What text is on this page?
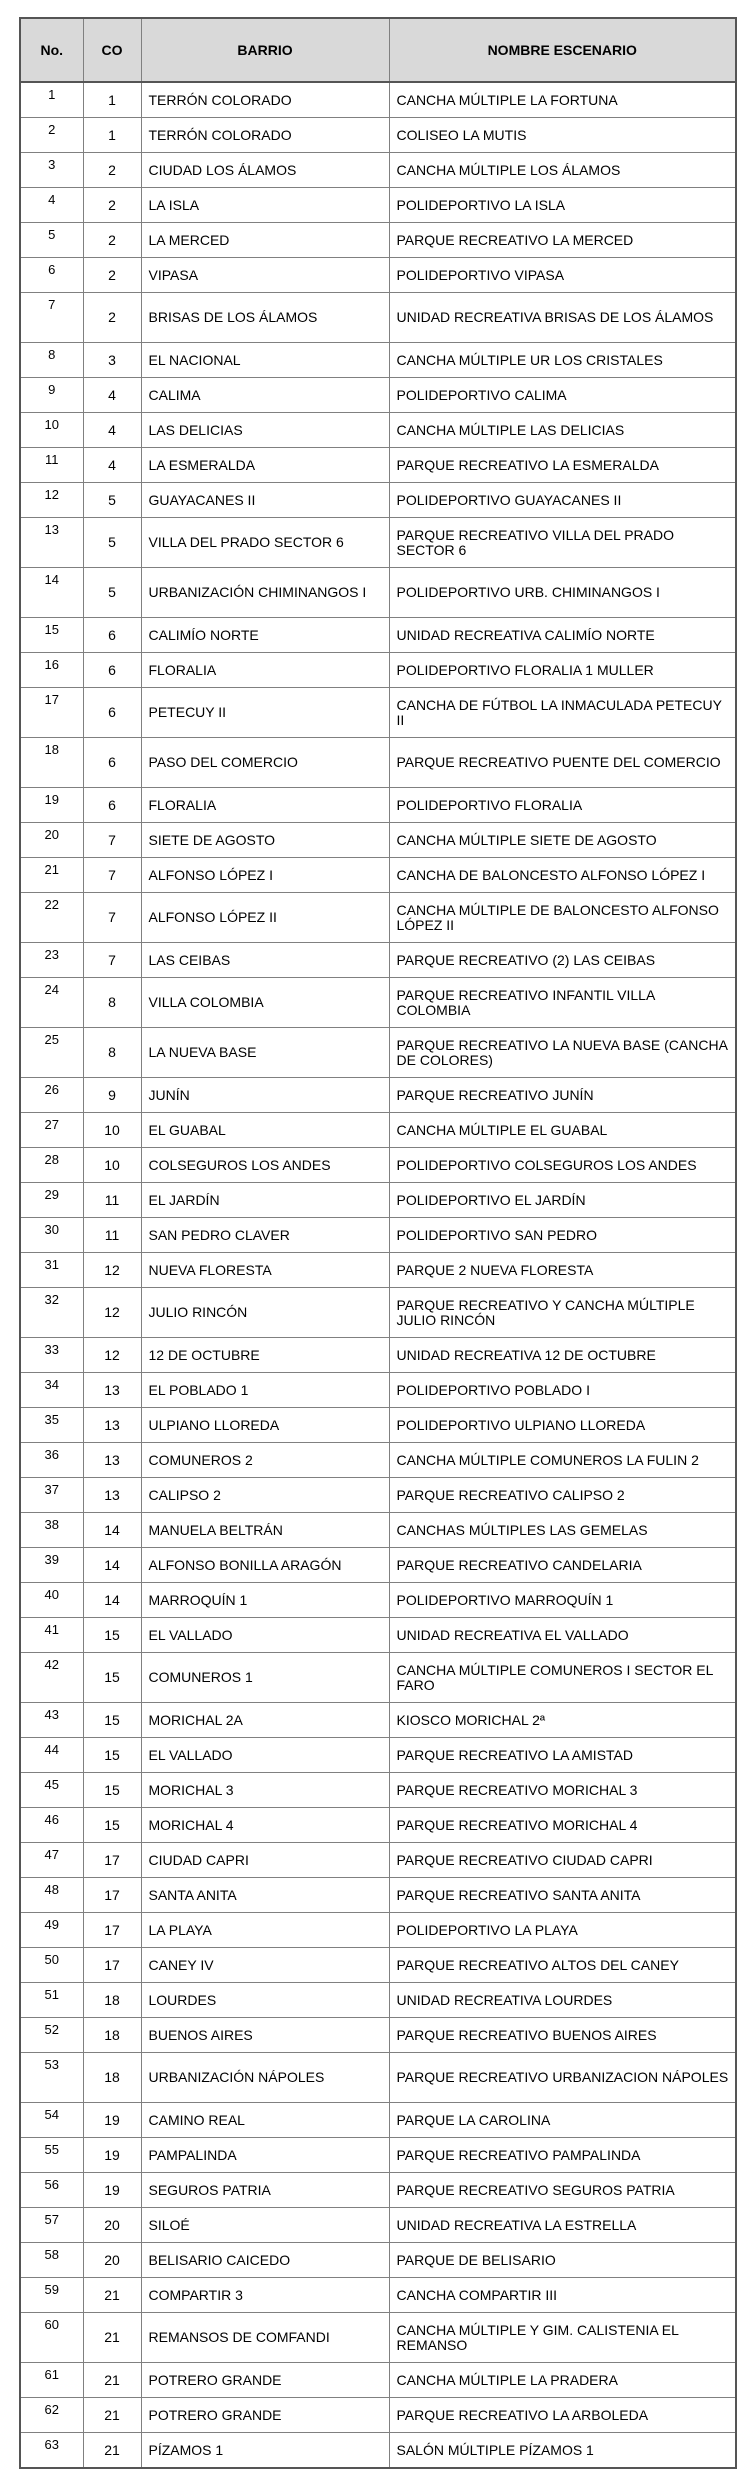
No.	CO	BARRIO	NOMBRE ESCENARIO
1	1	TERRÓN COLORADO	CANCHA MÚLTIPLE LA FORTUNA
2	1	TERRÓN COLORADO	COLISEO LA MUTIS
3	2	CIUDAD LOS ÁLAMOS	CANCHA MÚLTIPLE LOS ÁLAMOS
4	2	LA ISLA	POLIDEPORTIVO LA ISLA
5	2	LA MERCED	PARQUE RECREATIVO LA MERCED
6	2	VIPASA	POLIDEPORTIVO VIPASA
7	2	BRISAS DE LOS ÁLAMOS	UNIDAD RECREATIVA BRISAS DE LOS ÁLAMOS
8	3	EL NACIONAL	CANCHA MÚLTIPLE UR LOS CRISTALES
9	4	CALIMA	POLIDEPORTIVO CALIMA
10	4	LAS DELICIAS	CANCHA MÚLTIPLE LAS DELICIAS
11	4	LA ESMERALDA	PARQUE RECREATIVO LA ESMERALDA
12	5	GUAYACANES II	POLIDEPORTIVO GUAYACANES II
13	5	VILLA DEL PRADO SECTOR 6	PARQUE RECREATIVO VILLA DEL PRADO SECTOR 6
14	5	URBANIZACIÓN CHIMINANGOS I	POLIDEPORTIVO URB. CHIMINANGOS I
15	6	CALIMÍO NORTE	UNIDAD RECREATIVA CALIMÍO NORTE
16	6	FLORALIA	POLIDEPORTIVO FLORALIA 1 MULLER
17	6	PETECUY II	CANCHA DE FÚTBOL LA INMACULADA PETECUY II
18	6	PASO DEL COMERCIO	PARQUE RECREATIVO PUENTE DEL COMERCIO
19	6	FLORALIA	POLIDEPORTIVO FLORALIA
20	7	SIETE DE AGOSTO	CANCHA MÚLTIPLE SIETE DE AGOSTO
21	7	ALFONSO LÓPEZ I	CANCHA DE BALONCESTO ALFONSO LÓPEZ I
22	7	ALFONSO LÓPEZ II	CANCHA MÚLTIPLE DE BALONCESTO ALFONSO LÓPEZ II
23	7	LAS CEIBAS	PARQUE RECREATIVO (2) LAS CEIBAS
24	8	VILLA COLOMBIA	PARQUE RECREATIVO INFANTIL VILLA COLOMBIA
25	8	LA NUEVA BASE	PARQUE RECREATIVO LA NUEVA BASE (CANCHA DE COLORES)
26	9	JUNÍN	PARQUE RECREATIVO JUNÍN
27	10	EL GUABAL	CANCHA MÚLTIPLE EL GUABAL
28	10	COLSEGUROS LOS ANDES	POLIDEPORTIVO COLSEGUROS LOS ANDES
29	11	EL JARDÍN	POLIDEPORTIVO EL JARDÍN
30	11	SAN PEDRO CLAVER	POLIDEPORTIVO SAN PEDRO
31	12	NUEVA FLORESTA	PARQUE 2 NUEVA FLORESTA
32	12	JULIO RINCÓN	PARQUE RECREATIVO Y CANCHA MÚLTIPLE JULIO RINCÓN
33	12	12 DE OCTUBRE	UNIDAD RECREATIVA 12 DE OCTUBRE
34	13	EL POBLADO 1	POLIDEPORTIVO POBLADO I
35	13	ULPIANO LLOREDA	POLIDEPORTIVO ULPIANO LLOREDA
36	13	COMUNEROS 2	CANCHA MÚLTIPLE COMUNEROS LA FULIN 2
37	13	CALIPSO 2	PARQUE RECREATIVO CALIPSO 2
38	14	MANUELA BELTRÁN	CANCHAS MÚLTIPLES LAS GEMELAS
39	14	ALFONSO BONILLA ARAGÓN	PARQUE RECREATIVO CANDELARIA
40	14	MARROQUÍN 1	POLIDEPORTIVO MARROQUÍN 1
41	15	EL VALLADO	UNIDAD RECREATIVA EL VALLADO
42	15	COMUNEROS 1	CANCHA MÚLTIPLE COMUNEROS I SECTOR EL FARO
43	15	MORICHAL 2A	KIOSCO MORICHAL 2ª
44	15	EL VALLADO	PARQUE RECREATIVO LA AMISTAD
45	15	MORICHAL 3	PARQUE RECREATIVO MORICHAL 3
46	15	MORICHAL 4	PARQUE RECREATIVO MORICHAL 4
47	17	CIUDAD CAPRI	PARQUE RECREATIVO CIUDAD CAPRI
48	17	SANTA ANITA	PARQUE RECREATIVO SANTA ANITA
49	17	LA PLAYA	POLIDEPORTIVO LA PLAYA
50	17	CANEY IV	PARQUE RECREATIVO ALTOS DEL CANEY
51	18	LOURDES	UNIDAD RECREATIVA LOURDES
52	18	BUENOS AIRES	PARQUE RECREATIVO BUENOS AIRES
53	18	URBANIZACIÓN NÁPOLES	PARQUE RECREATIVO URBANIZACION NÁPOLES
54	19	CAMINO REAL	PARQUE LA CAROLINA
55	19	PAMPALINDA	PARQUE RECREATIVO PAMPALINDA
56	19	SEGUROS PATRIA	PARQUE RECREATIVO SEGUROS PATRIA
57	20	SILOÉ	UNIDAD RECREATIVA LA ESTRELLA
58	20	BELISARIO CAICEDO	PARQUE DE BELISARIO
59	21	COMPARTIR 3	CANCHA COMPARTIR III
60	21	REMANSOS DE COMFANDI	CANCHA MÚLTIPLE Y GIM. CALISTENIA EL REMANSO
61	21	POTRERO GRANDE	CANCHA MÚLTIPLE LA PRADERA
62	21	POTRERO GRANDE	PARQUE RECREATIVO LA ARBOLEDA
63	21	PÍZAMOS 1	SALÓN MÚLTIPLE PÍZAMOS 1
